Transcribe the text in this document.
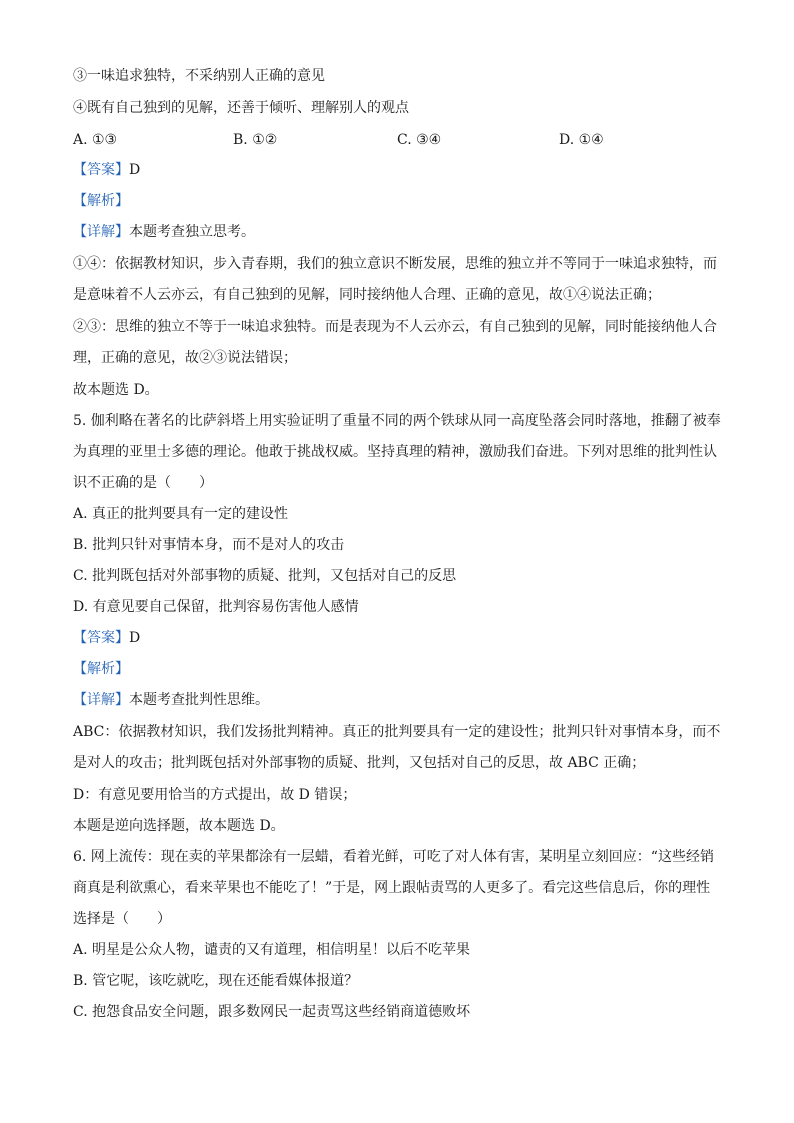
③一味追求独特，不采纳别人正确的意见
④既有自己独到的见解，还善于倾听、理解别人的观点
A. ①③	B. ①②	C. ③④	D. ①④
【答案】D
【解析】
【详解】本题考查独立思考。
①④：依据教材知识，步入青春期，我们的独立意识不断发展，思维的独立并不等同于一味追求独特，而
是意味着不人云亦云，有自己独到的见解，同时接纳他人合理、正确的意见，故①④说法正确；
②③：思维的独立不等于一味追求独特。而是表现为不人云亦云，有自己独到的见解，同时能接纳他人合
理，正确的意见，故②③说法错误；
故本题选 D。
5. 伽利略在著名的比萨斜塔上用实验证明了重量不同的两个铁球从同一高度坠落会同时落地，推翻了被奉
为真理的亚里士多德的理论。他敢于挑战权威。坚持真理的精神，激励我们奋进。下列对思维的批判性认
识不正确的是（　　）
A. 真正的批判要具有一定的建设性
B. 批判只针对事情本身，而不是对人的攻击
C. 批判既包括对外部事物的质疑、批判，又包括对自己的反思
D. 有意见要自己保留，批判容易伤害他人感情
【答案】D
【解析】
【详解】本题考查批判性思维。
ABC：依据教材知识，我们发扬批判精神。真正的批判要具有一定的建设性；批判只针对事情本身，而不
是对人的攻击；批判既包括对外部事物的质疑、批判，又包括对自己的反思，故 ABC 正确；
D：有意见要用恰当的方式提出，故 D 错误；
本题是逆向选择题，故本题选 D。
6. 网上流传：现在卖的苹果都涂有一层蜡，看着光鲜，可吃了对人体有害，某明星立刻回应：“这些经销
商真是利欲熏心，看来苹果也不能吃了！”于是，网上跟帖责骂的人更多了。看完这些信息后，你的理性
选择是（　　）
A. 明星是公众人物，谴责的又有道理，相信明星！以后不吃苹果
B. 管它呢，该吃就吃，现在还能看媒体报道？
C. 抱怨食品安全问题，跟多数网民一起责骂这些经销商道德败坏
